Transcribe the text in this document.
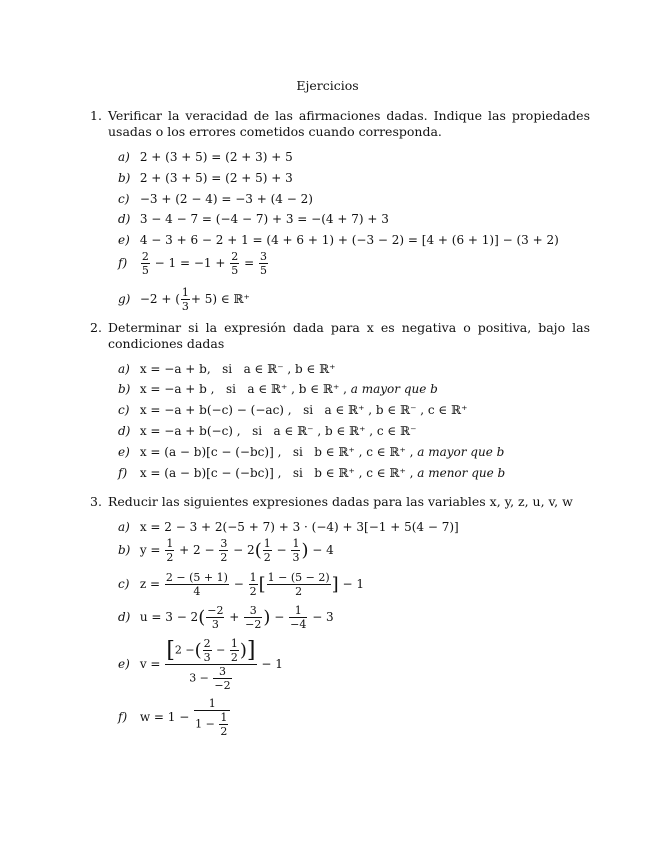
Ejercicios
1. Verificar la veracidad de las afirmaciones dadas. Indique las propiedades usadas o los errores cometidos cuando corresponda.
a) 2 + (3 + 5) = (2 + 3) + 5
b) 2 + (3 + 5) = (2 + 5) + 3
c) −3 + (2 − 4) = −3 + (4 − 2)
d) 3 − 4 − 7 = (−4 − 7) + 3 = −(4 + 7) + 3
e) 4 − 3 + 6 − 2 + 1 = (4 + 6 + 1) + (−3 − 2) = [4 + (6 + 1)] − (3 + 2)
$f) \frac{2}{5} - 1 = -1 + \frac{2}{5} = \frac{3}{5}$
g) −2 + ( $\frac{1}{3} + 5$) ∈ ℝ⁺
2. Determinar si la expresión dada para x es negativa o positiva, bajo las condiciones dadas
a) x = −a + b, si a ∈ ℝ⁻ , b ∈ ℝ⁺
b) x = −a + b , si a ∈ ℝ⁺ , b ∈ ℝ⁺ , a mayor que b
c) x = −a + b(−c) − (−ac) , si a ∈ ℝ⁺ , b ∈ ℝ⁻ , c ∈ ℝ⁺
d) x = −a + b(−c) , si a ∈ ℝ⁻ , b ∈ ℝ⁺ , c ∈ ℝ⁻
e) x = (a − b)[c − (−bc)] , si b ∈ ℝ⁺ , c ∈ ℝ⁺ , a mayor que b
f) x = (a − b)[c − (−bc)] , si b ∈ ℝ⁺ , c ∈ ℝ⁺ , a menor que b
3. Reducir las siguientes expresiones dadas para las variables x, y, z, u, v, w
a) x = 2 − 3 + 2(−5 + 7) + 3 · (−4) + 3[−1 + 5(4 − 7)]
b) $y = \frac{1}{2} + 2 - \frac{3}{2} - 2( \frac{1}{2} - \frac{1}{3}$ ) − 4
c) $z = \frac{2 - (5 + 1)}{4} - \frac{1}{2}$ [ $\frac{1 - (5 - 2)}{2}$ ] − 1
d) $u = 3 - 2( \frac{-2}{3} + \frac{3}{-2}$ ) − $\frac{1}{-4} - 3$
e) $v = \frac{[2 -( \frac{2}{3} - \frac{1}{2} )]}{3 - \frac{3}{-2}} - 1$
f) $w = 1 - \frac{1}{1 - \frac{1}{2}}$
